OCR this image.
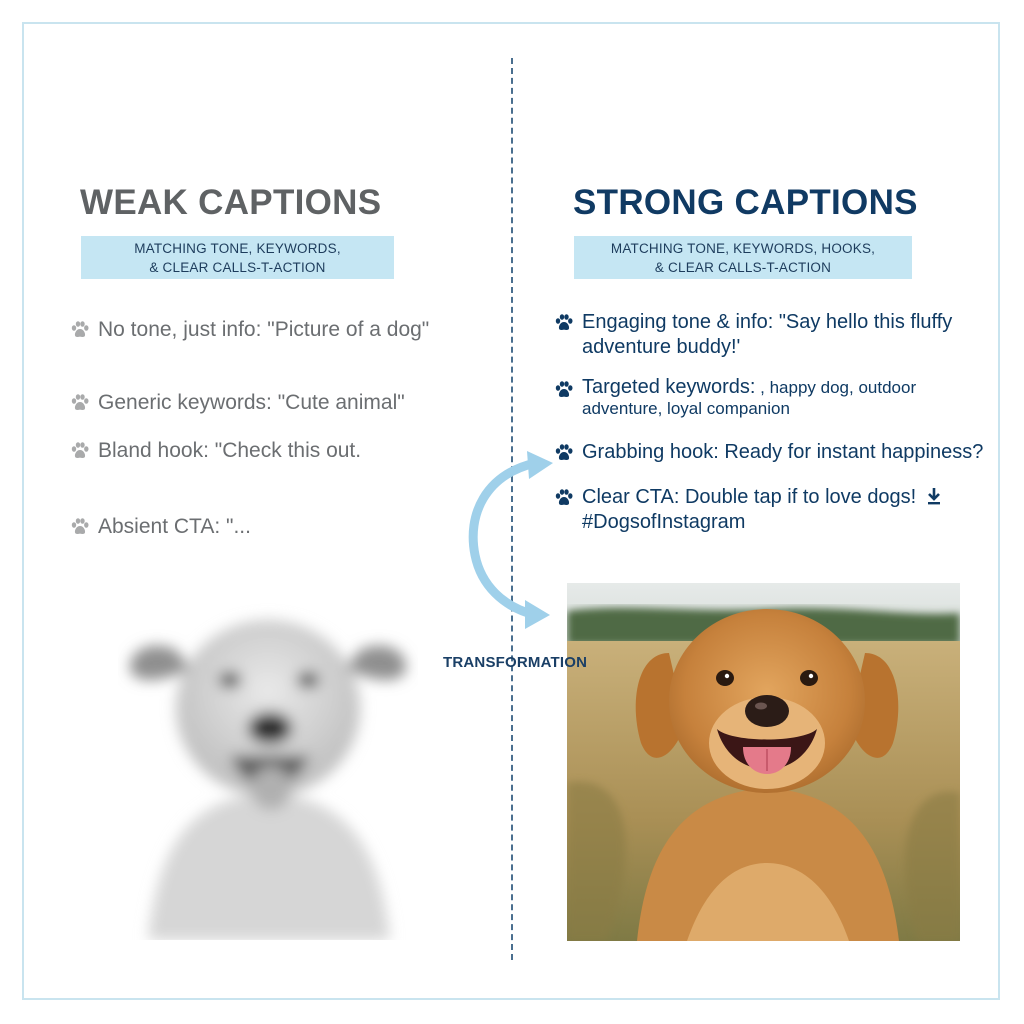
WEAK CAPTIONS
MATCHING TONE, KEYWORDS,
& CLEAR CALLS-T-ACTION
No tone, just info: "Picture of a dog"
Generic keywords: "Cute animal"
Bland hook: "Check this out.
Absient CTA: "...
STRONG CAPTIONS
MATCHING TONE, KEYWORDS, HOOKS,
& CLEAR CALLS-T-ACTION
Engaging tone & info: "Say hello this fluffy adventure buddy!'
Targeted keywords: , happy dog, outdoor adventure, loyal companion
Grabbing hook: Ready for instant happiness?
Clear CTA: Double tap if to love dogs!
#DogsofInstagram
TRANSFORMATION
